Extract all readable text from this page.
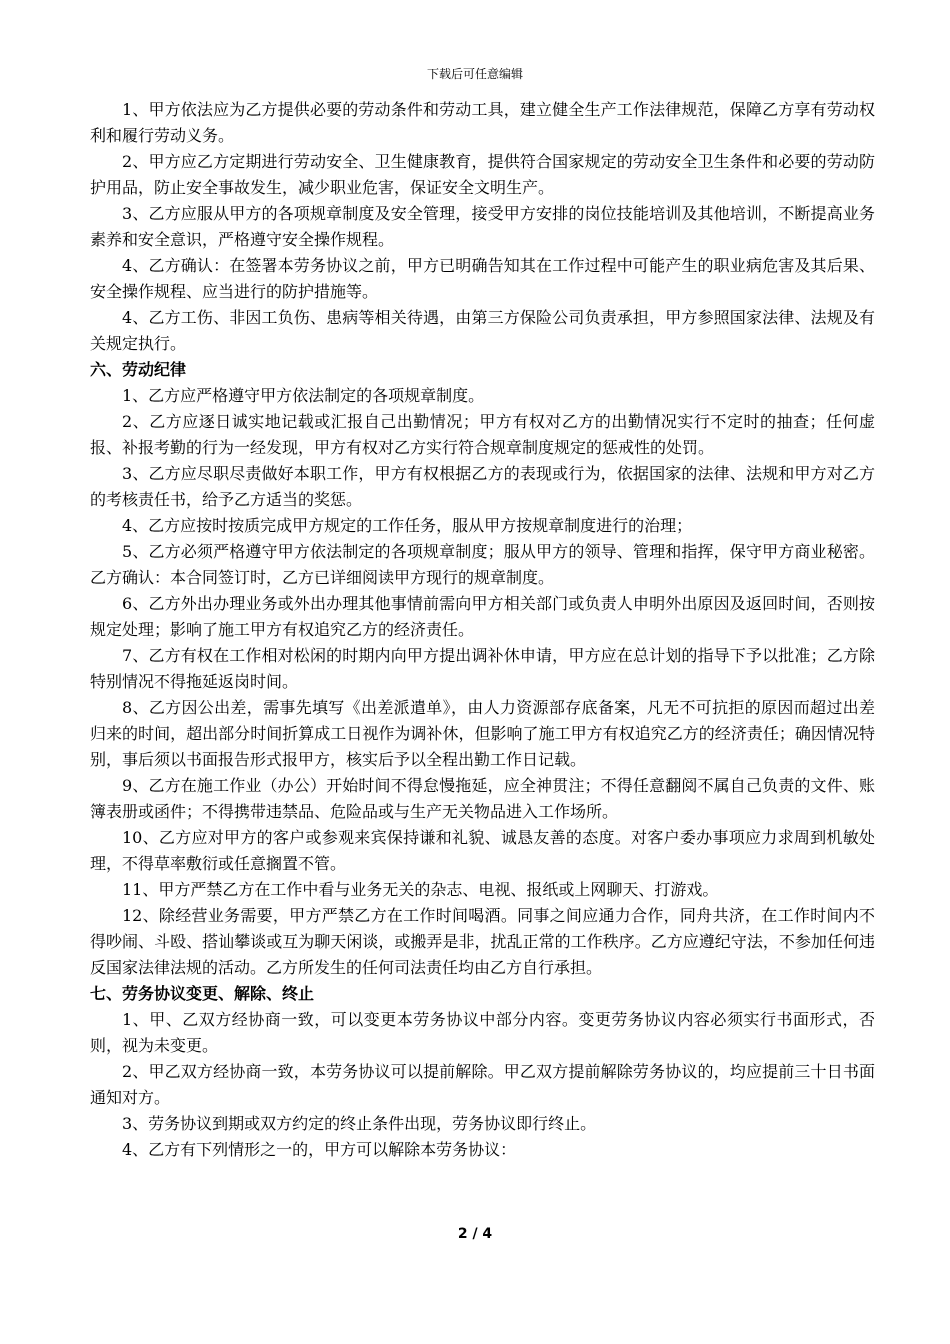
下载后可任意编辑

1、甲方依法应为乙方提供必要的劳动条件和劳动工具，建立健全生产工作法律规范，保障乙方享有劳动权利和履行劳动义务。

2、甲方应乙方定期进行劳动安全、卫生健康教育，提供符合国家规定的劳动安全卫生条件和必要的劳动防护用品，防止安全事故发生，减少职业危害，保证安全文明生产。

3、乙方应服从甲方的各项规章制度及安全管理，接受甲方安排的岗位技能培训及其他培训，不断提高业务素养和安全意识，严格遵守安全操作规程。

4、乙方确认：在签署本劳务协议之前，甲方已明确告知其在工作过程中可能产生的职业病危害及其后果、安全操作规程、应当进行的防护措施等。

4、乙方工伤、非因工负伤、患病等相关待遇，由第三方保险公司负责承担，甲方参照国家法律、法规及有关规定执行。

六、劳动纪律

1、乙方应严格遵守甲方依法制定的各项规章制度。

2、乙方应逐日诚实地记载或汇报自己出勤情况；甲方有权对乙方的出勤情况实行不定时的抽查；任何虚报、补报考勤的行为一经发现，甲方有权对乙方实行符合规章制度规定的惩戒性的处罚。

3、乙方应尽职尽责做好本职工作，甲方有权根据乙方的表现或行为，依据国家的法律、法规和甲方对乙方的考核责任书，给予乙方适当的奖惩。

4、乙方应按时按质完成甲方规定的工作任务，服从甲方按规章制度进行的治理；

5、乙方必须严格遵守甲方依法制定的各项规章制度；服从甲方的领导、管理和指挥，保守甲方商业秘密。乙方确认：本合同签订时，乙方已详细阅读甲方现行的规章制度。

6、乙方外出办理业务或外出办理其他事情前需向甲方相关部门或负责人申明外出原因及返回时间，否则按规定处理；影响了施工甲方有权追究乙方的经济责任。

7、乙方有权在工作相对松闲的时期内向甲方提出调补休申请，甲方应在总计划的指导下予以批准；乙方除特别情况不得拖延返岗时间。

8、乙方因公出差，需事先填写《出差派遣单》，由人力资源部存底备案，凡无不可抗拒的原因而超过出差归来的时间，超出部分时间折算成工日视作为调补休，但影响了施工甲方有权追究乙方的经济责任；确因情况特别，事后须以书面报告形式报甲方，核实后予以全程出勤工作日记载。

9、乙方在施工作业（办公）开始时间不得怠慢拖延，应全神贯注；不得任意翻阅不属自己负责的文件、账簿表册或函件；不得携带违禁品、危险品或与生产无关物品进入工作场所。

10、乙方应对甲方的客户或参观来宾保持谦和礼貌、诚恳友善的态度。对客户委办事项应力求周到机敏处理，不得草率敷衍或任意搁置不管。

11、甲方严禁乙方在工作中看与业务无关的杂志、电视、报纸或上网聊天、打游戏。

12、除经营业务需要，甲方严禁乙方在工作时间喝酒。同事之间应通力合作，同舟共济，在工作时间内不得吵闹、斗殴、搭讪攀谈或互为聊天闲谈，或搬弄是非，扰乱正常的工作秩序。乙方应遵纪守法，不参加任何违反国家法律法规的活动。乙方所发生的任何司法责任均由乙方自行承担。

七、劳务协议变更、解除、终止

1、甲、乙双方经协商一致，可以变更本劳务协议中部分内容。变更劳务协议内容必须实行书面形式，否则，视为未变更。

2、甲乙双方经协商一致，本劳务协议可以提前解除。甲乙双方提前解除劳务协议的，均应提前三十日书面通知对方。

3、劳务协议到期或双方约定的终止条件出现，劳务协议即行终止。

4、乙方有下列情形之一的，甲方可以解除本劳务协议：

2 / 4
